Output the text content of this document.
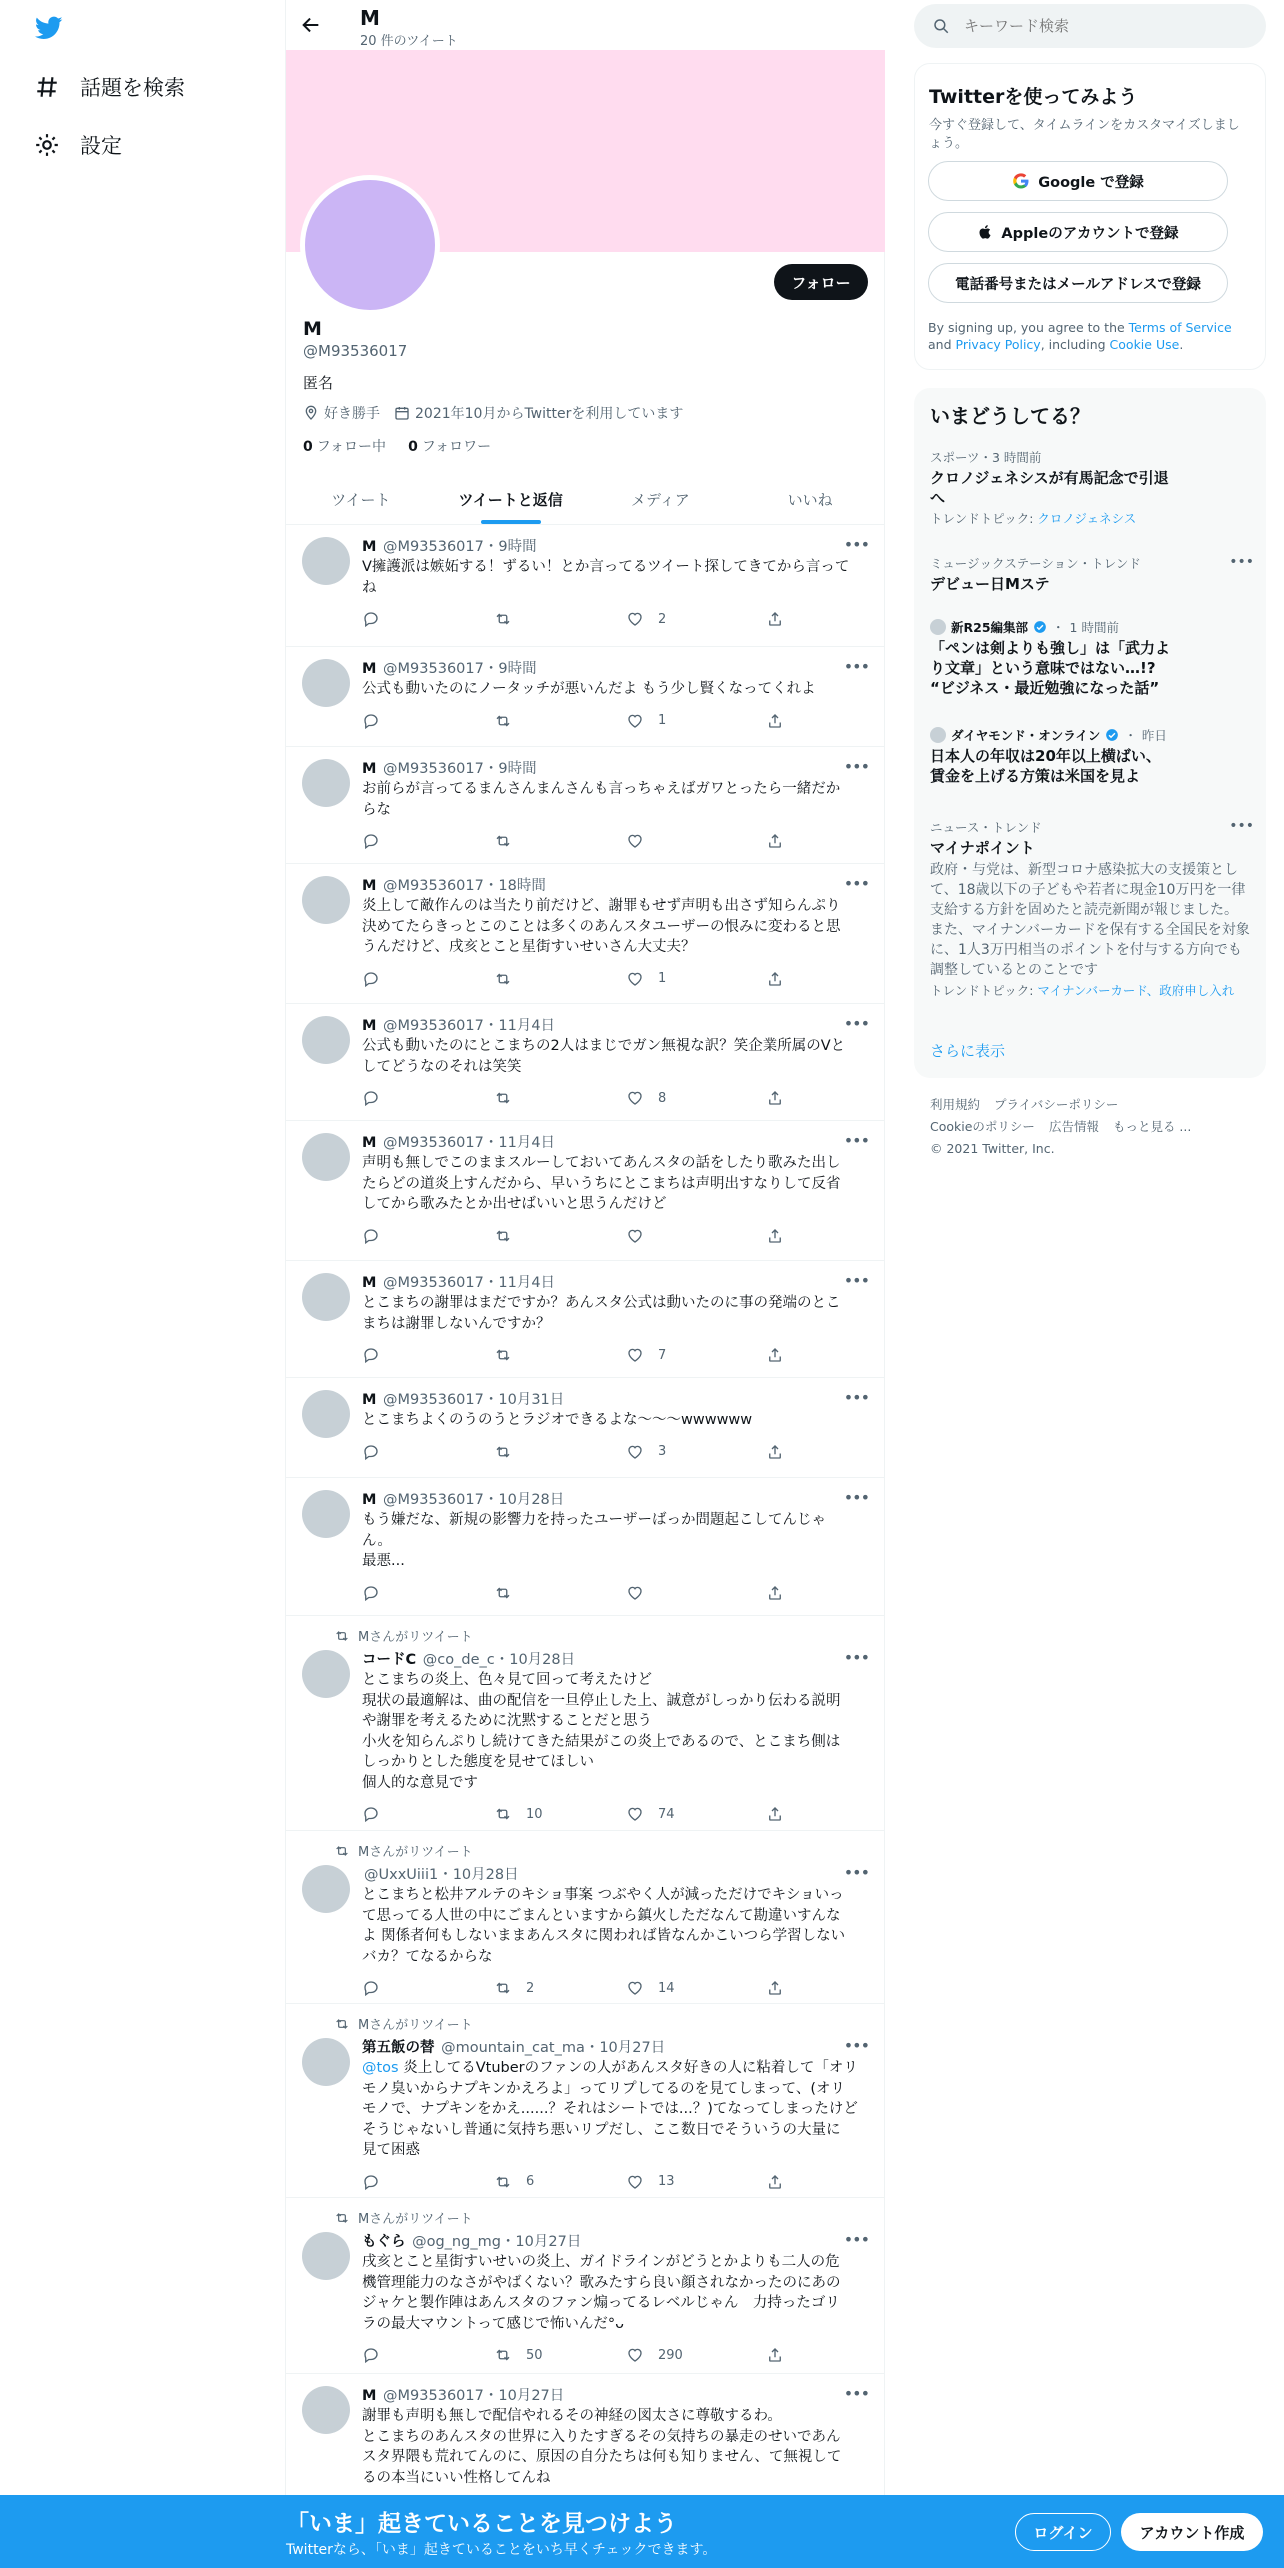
話題を検索
設定
M
20 件のツイート
フォロー
M
@M93536017
匿名
好き勝手	2021年10月からTwitterを利用しています
0 フォロー中 0 フォロワー
ツイート	ツイートと返信	メディア	いいね
M @M93536017・9時間	•••
V擁護派は嫉妬する！ずるい！とか言ってるツイート探してきてから言って
ね
2
M @M93536017・9時間	•••
公式も動いたのにノータッチが悪いんだよ もう少し賢くなってくれよ
1
M @M93536017・9時間	•••
お前らが言ってるまんさんまんさんも言っちゃえばガワとったら一緒だか
らな
M @M93536017・18時間	•••
炎上して敵作んのは当たり前だけど、謝罪もせず声明も出さず知らんぷり
決めてたらきっとこのことは多くのあんスタユーザーの恨みに変わると思
うんだけど、戌亥とこと星街すいせいさん大丈夫？
1
M @M93536017・11月4日	•••
公式も動いたのにとこまちの2人はまじでガン無視な訳？笑企業所属のVと
してどうなのそれは笑笑
8
M @M93536017・11月4日	•••
声明も無しでこのままスルーしておいてあんスタの話をしたり歌みた出し
たらどの道炎上すんだから、早いうちにとこまちは声明出すなりして反省
してから歌みたとか出せばいいと思うんだけど
M @M93536017・11月4日	•••
とこまちの謝罪はまだですか？あんスタ公式は動いたのに事の発端のとこ
まちは謝罪しないんですか？
7
M @M93536017・10月31日	•••
とこまちよくのうのうとラジオできるよな〜〜〜wwwwww
3
M @M93536017・10月28日	•••
もう嫌だな、新規の影響力を持ったユーザーばっか問題起こしてんじゃ
ん。
最悪...
Mさんがリツイート
コードC @co_de_c・10月28日	•••
とこまちの炎上、色々見て回って考えたけど
現状の最適解は、曲の配信を一旦停止した上、誠意がしっかり伝わる説明
や謝罪を考えるために沈黙することだと思う
小火を知らんぷりし続けてきた結果がこの炎上であるので、とこまち側は
しっかりとした態度を見せてほしい
個人的な意見です
10	74
Mさんがリツイート
@UxxUiii1・10月28日	•••
とこまちと松井アルテのキショ事案 つぶやく人が減っただけでキショいっ
て思ってる人世の中にごまんといますから鎮火しただなんて勘違いすんな
よ 関係者何もしないままあんスタに関われば皆なんかこいつら学習しない
バカ？てなるからな
2	14
Mさんがリツイート
第五飯の替 @mountain_cat_ma・10月27日	•••
@tos 炎上してるVtuberのファンの人があんスタ好きの人に粘着して「オリ
モノ臭いからナプキンかえろよ」ってリプしてるのを見てしまって、(オリ
モノで、ナプキンをかえ......？それはシートでは...？)てなってしまったけど
そうじゃないし普通に気持ち悪いリプだし、ここ数日でそういうの大量に
見て困惑
6	13
Mさんがリツイート
もぐら @og_ng_mg・10月27日	•••
戌亥とこと星街すいせいの炎上、ガイドラインがどうとかよりも二人の危
機管理能力のなさがやばくない？歌みたすら良い顔されなかったのにあの
ジャケと製作陣はあんスタのファン煽ってるレベルじゃん　力持ったゴリ
ラの最大マウントって感じで怖いんだ°ᴗ
50	290
M @M93536017・10月27日	•••
謝罪も声明も無しで配信やれるその神経の図太さに尊敬するわ。
とこまちのあんスタの世界に入りたすぎるその気持ちの暴走のせいであん
スタ界隈も荒れてんのに、原因の自分たちは何も知りません、て無視して
るの本当にいい性格してんね
キーワード検索
Twitterを使ってみよう
今すぐ登録して、タイムラインをカスタマイズしましょう。
Google で登録
Appleのアカウントで登録
電話番号またはメールアドレスで登録
By signing up, you agree to the Terms of Service and Privacy Policy, including Cookie Use.
いまどうしてる？
スポーツ・3 時間前
クロノジェネシスが有馬記念で引退へ
トレンドトピック: クロノジェネシス
ミュージックステーション・トレンド
デビュー日Mステ
•••
新R25編集部 ・ 1 時間前
「ペンは剣よりも強し」は「武力より文章」という意味ではない…!? “ビジネス・最近勉強になった話”
ダイヤモンド・オンライン ・ 昨日
日本人の年収は20年以上横ばい、賃金を上げる方策は米国を見よ
ニュース・トレンド
マイナポイント
政府・与党は、新型コロナ感染拡大の支援策として、18歳以下の子どもや若者に現金10万円を一律支給する方針を固めたと読売新聞が報じました。また、マイナンバーカードを保有する全国民を対象に、1人3万円相当のポイントを付与する方向でも調整しているとのことです
トレンドトピック: マイナンバーカード、政府申し入れ
•••
さらに表示
利用規約 プライバシーポリシー
Cookieのポリシー 広告情報 もっと見る ...
© 2021 Twitter, Inc.
「いま」起きていることを見つけよう
Twitterなら、「いま」起きていることをいち早くチェックできます。
ログイン	アカウント作成
